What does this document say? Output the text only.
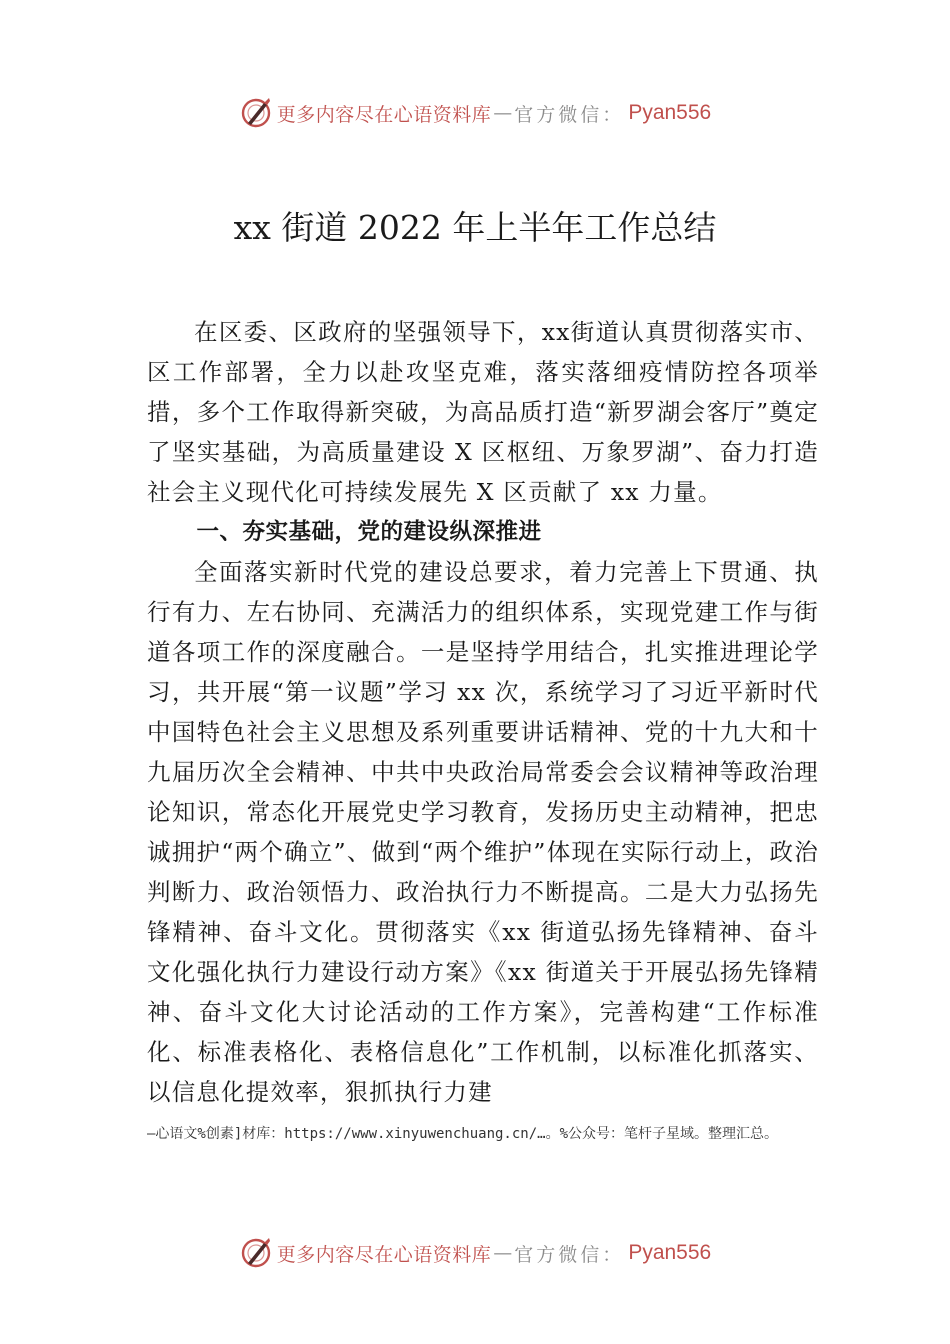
更多内容尽在心语资料库 — 官方微信： Pyan556
xx 街道 2022 年上半年工作总结

在区委、区政府的坚强领导下，xx街道认真贯彻落实市、区工作部署，全力以赴攻坚克难，落实落细疫情防控各项举措，多个工作取得新突破，为高品质打造“新罗湖会客厅”奠定了坚实基础，为高质量建设 X 区枢纽、万象罗湖”、奋力打造社会主义现代化可持续发展先 X 区贡献了 xx 力量。

一、夯实基础，党的建设纵深推进

全面落实新时代党的建设总要求，着力完善上下贯通、执行有力、左右协同、充满活力的组织体系，实现党建工作与街道各项工作的深度融合。一是坚持学用结合，扎实推进理论学习，共开展“第一议题”学习 xx 次，系统学习了习近平新时代中国特色社会主义思想及系列重要讲话精神、党的十九大和十九届历次全会精神、中共中央政治局常委会会议精神等政治理论知识，常态化开展党史学习教育，发扬历史主动精神，把忠诚拥护“两个确立”、做到“两个维护”体现在实际行动上，政治判断力、政治领悟力、政治执行力不断提高。二是大力弘扬先锋精神、奋斗文化。贯彻落实《xx 街道弘扬先锋精神、奋斗文化强化执行力建设行动方案》《xx 街道关于开展弘扬先锋精神、奋斗文化大讨论活动的工作方案》，完善构建“工作标准化、标准表格化、表格信息化”工作机制，以标准化抓落实、以信息化提效率，狠抓执行力建

—心语文%创素]材库：https://www.xinyuwenchuang.cn/…。%公众号：笔杆子星域。整理汇总。
更多内容尽在心语资料库 — 官方微信： Pyan556
